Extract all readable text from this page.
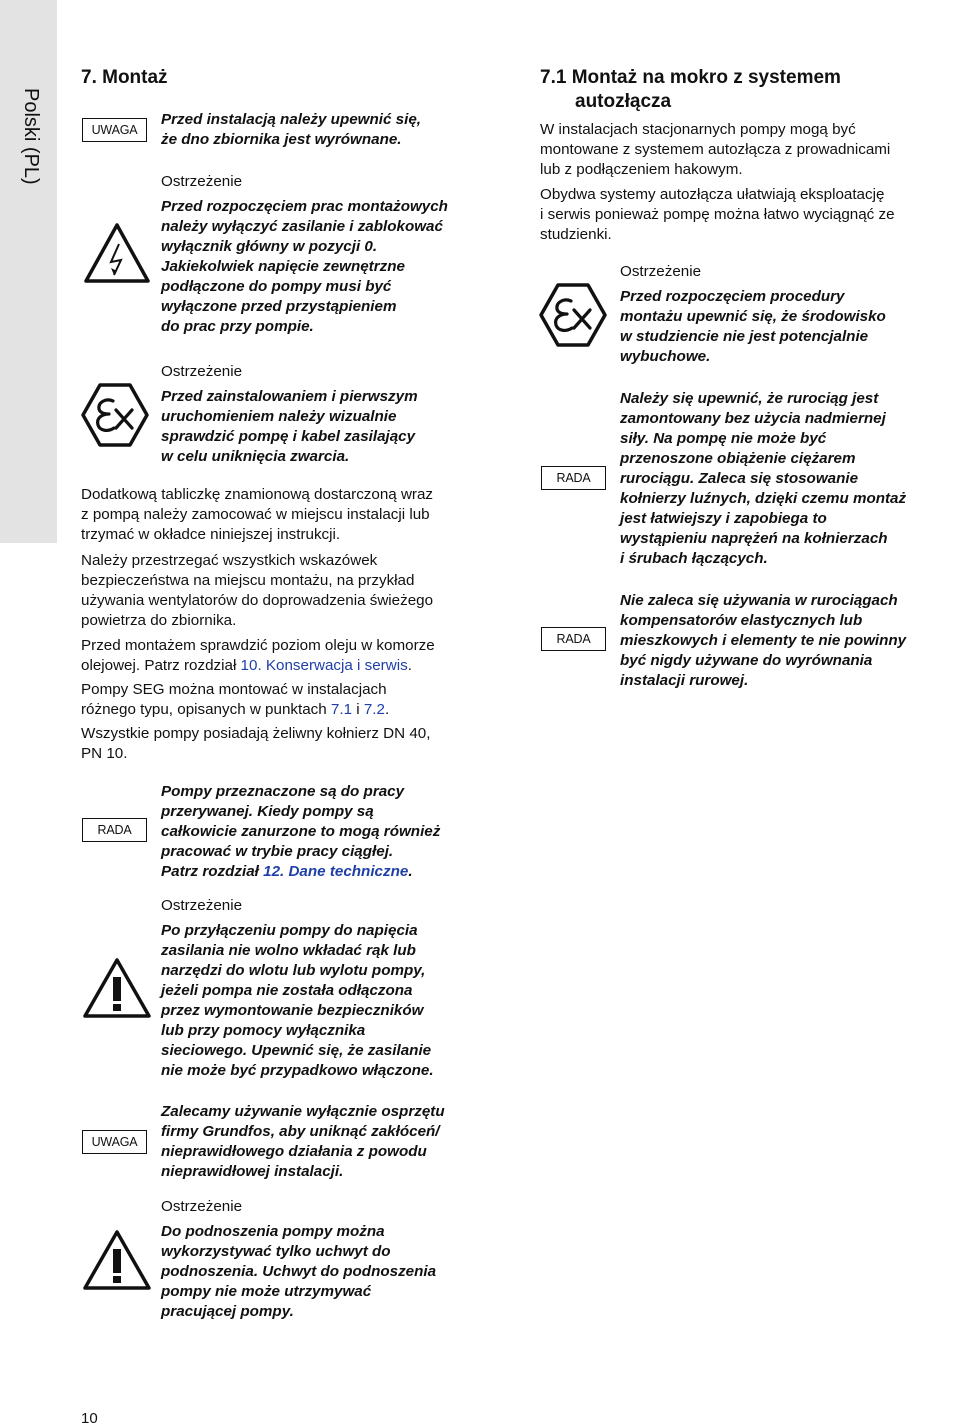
Polski (PL)
7. Montaż
UWAGA

Przed instalacją należy upewnić się,

że dno zbiornika jest wyrównane.

Ostrzeżenie

Przed rozpoczęciem prac montażowych

należy wyłączyć zasilanie i zablokować

wyłącznik główny w pozycji 0.

Jakiekolwiek napięcie zewnętrzne

podłączone do pompy musi być

wyłączone przed przystąpieniem

do prac przy pompie.

Ostrzeżenie

Przed zainstalowaniem i pierwszym

uruchomieniem należy wizualnie

sprawdzić pompę i kabel zasilający

w celu uniknięcia zwarcia.

Dodatkową tabliczkę znamionową dostarczoną wraz

z pompą należy zamocować w miejscu instalacji lub

trzymać w okładce niniejszej instrukcji.

Należy przestrzegać wszystkich wskazówek

bezpieczeństwa na miejscu montażu, na przykład

używania wentylatorów do doprowadzenia świeżego

powietrza do zbiornika.

Przed montażem sprawdzić poziom oleju w komorze

olejowej. Patrz rozdział 10. Konserwacja i serwis.

Pompy SEG można montować w instalacjach

różnego typu, opisanych w punktach 7.1 i 7.2.

Wszystkie pompy posiadają żeliwny kołnierz DN 40,

PN 10.

RADA

Pompy przeznaczone są do pracy

przerywanej. Kiedy pompy są

całkowicie zanurzone to mogą również

pracować w trybie pracy ciągłej.

Patrz rozdział 12. Dane techniczne.

Ostrzeżenie

Po przyłączeniu pompy do napięcia

zasilania nie wolno wkładać rąk lub

narzędzi do wlotu lub wylotu pompy,

jeżeli pompa nie została odłączona

przez wymontowanie bezpieczników

lub przy pomocy wyłącznika

sieciowego. Upewnić się, że zasilanie

nie może być przypadkowo włączone.

UWAGA

Zalecamy używanie wyłącznie osprzętu

firmy Grundfos, aby uniknąć zakłóceń/

nieprawidłowego działania z powodu

nieprawidłowej instalacji.

Ostrzeżenie

Do podnoszenia pompy można

wykorzystywać tylko uchwyt do

podnoszenia. Uchwyt do podnoszenia

pompy nie może utrzymywać

pracującej pompy.

7.1 Montaż na mokro z systemem

autozłącza

W instalacjach stacjonarnych pompy mogą być

montowane z systemem autozłącza z prowadnicami

lub z podłączeniem hakowym.

Obydwa systemy autozłącza ułatwiają eksploatację

i serwis ponieważ pompę można łatwo wyciągnąć ze

studzienki.

Ostrzeżenie

Przed rozpoczęciem procedury

montażu upewnić się, że środowisko

w studziencie nie jest potencjalnie

wybuchowe.

RADA

Należy się upewnić, że rurociąg jest

zamontowany bez użycia nadmiernej

siły. Na pompę nie może być

przenoszone obiążenie ciężarem

rurociągu. Zaleca się stosowanie

kołnierzy luźnych, dzięki czemu montaż

jest łatwiejszy i zapobiega to

wystąpieniu naprężeń na kołnierzach

i śrubach łączących.

RADA

Nie zaleca się używania w rurociągach

kompensatorów elastycznych lub

mieszkowych i elementy te nie powinny

być nigdy używane do wyrównania

instalacji rurowej.

10
